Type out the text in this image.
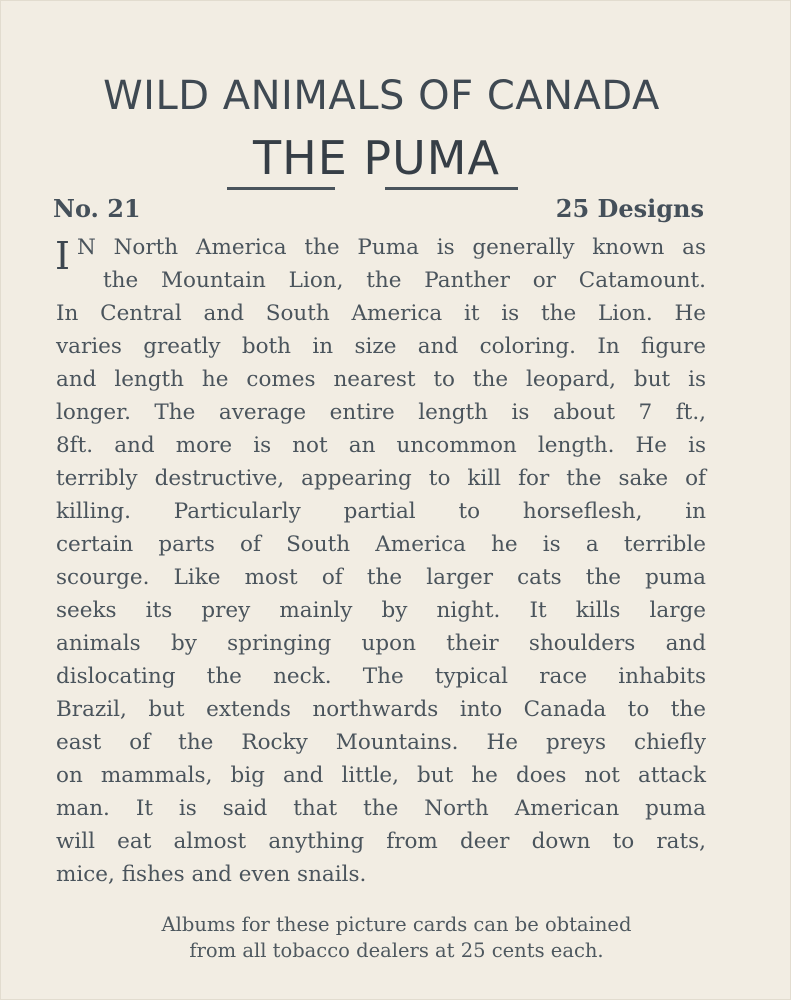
WILD ANIMALS OF CANADA
THE PUMA
No. 21	25 Designs
I N North America the Puma is generally known as
the Mountain Lion, the Panther or Catamount.
In Central and South America it is the Lion. He
varies greatly both in size and coloring. In figure
and length he comes nearest to the leopard, but is
longer. The average entire length is about 7 ft.,
8ft. and more is not an uncommon length. He is
terribly destructive, appearing to kill for the sake of
killing. Particularly partial to horseflesh, in
certain parts of South America he is a terrible
scourge. Like most of the larger cats the puma
seeks its prey mainly by night. It kills large
animals by springing upon their shoulders and
dislocating the neck. The typical race inhabits
Brazil, but extends northwards into Canada to the
east of the Rocky Mountains. He preys chiefly
on mammals, big and little, but he does not attack
man. It is said that the North American puma
will eat almost anything from deer down to rats,
mice, fishes and even snails.
Albums for these picture cards can be obtained
from all tobacco dealers at 25 cents each.
